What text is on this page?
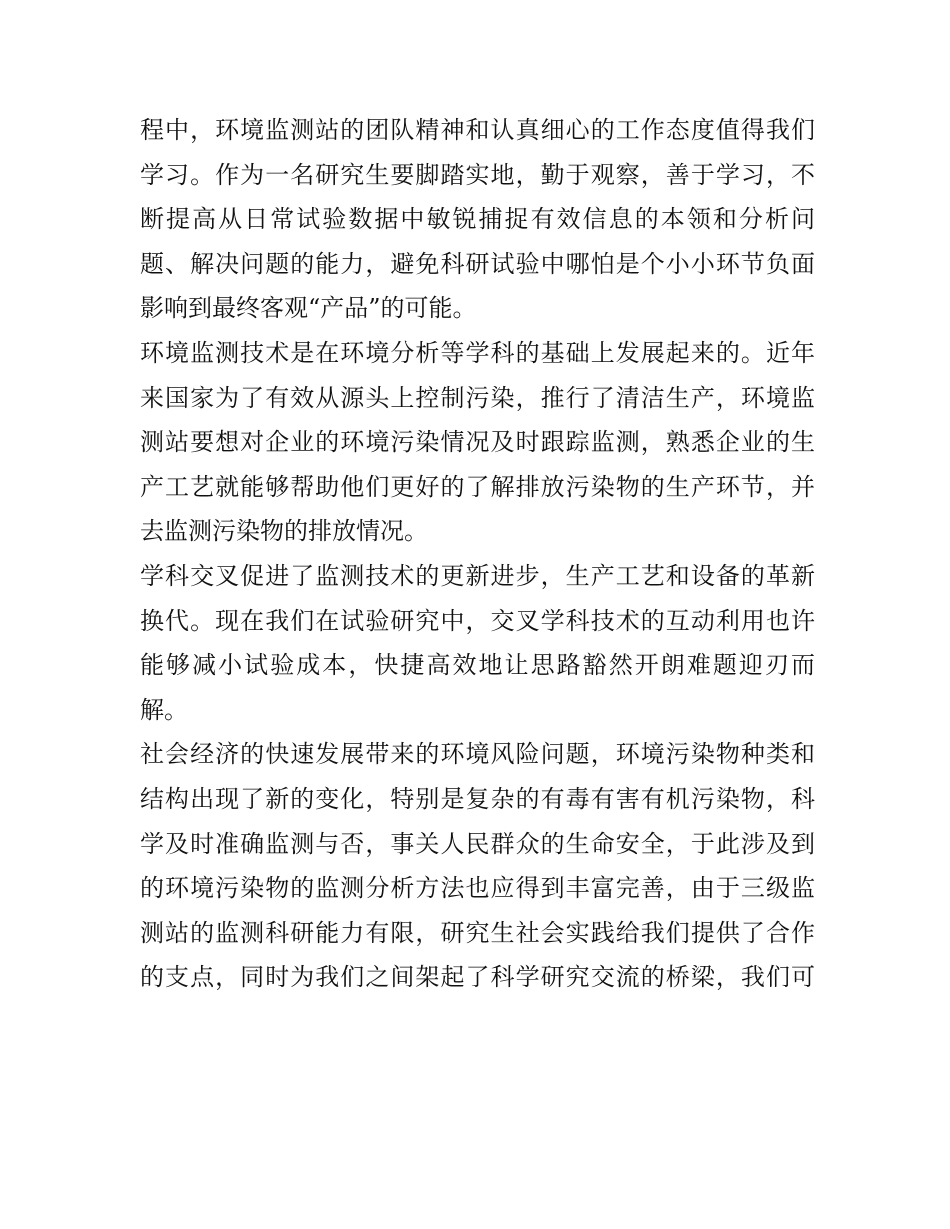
程中，环境监测站的团队精神和认真细心的工作态度值得我们
学习。作为一名研究生要脚踏实地，勤于观察，善于学习，不
断提高从日常试验数据中敏锐捕捉有效信息的本领和分析问
题、解决问题的能力，避免科研试验中哪怕是个小小环节负面
影响到最终客观“产品”的可能。
环境监测技术是在环境分析等学科的基础上发展起来的。近年
来国家为了有效从源头上控制污染，推行了清洁生产，环境监
测站要想对企业的环境污染情况及时跟踪监测，熟悉企业的生
产工艺就能够帮助他们更好的了解排放污染物的生产环节，并
去监测污染物的排放情况。
学科交叉促进了监测技术的更新进步，生产工艺和设备的革新
换代。现在我们在试验研究中，交叉学科技术的互动利用也许
能够减小试验成本，快捷高效地让思路豁然开朗难题迎刃而
解。
社会经济的快速发展带来的环境风险问题，环境污染物种类和
结构出现了新的变化，特别是复杂的有毒有害有机污染物，科
学及时准确监测与否，事关人民群众的生命安全，于此涉及到
的环境污染物的监测分析方法也应得到丰富完善，由于三级监
测站的监测科研能力有限，研究生社会实践给我们提供了合作
的支点，同时为我们之间架起了科学研究交流的桥梁，我们可
